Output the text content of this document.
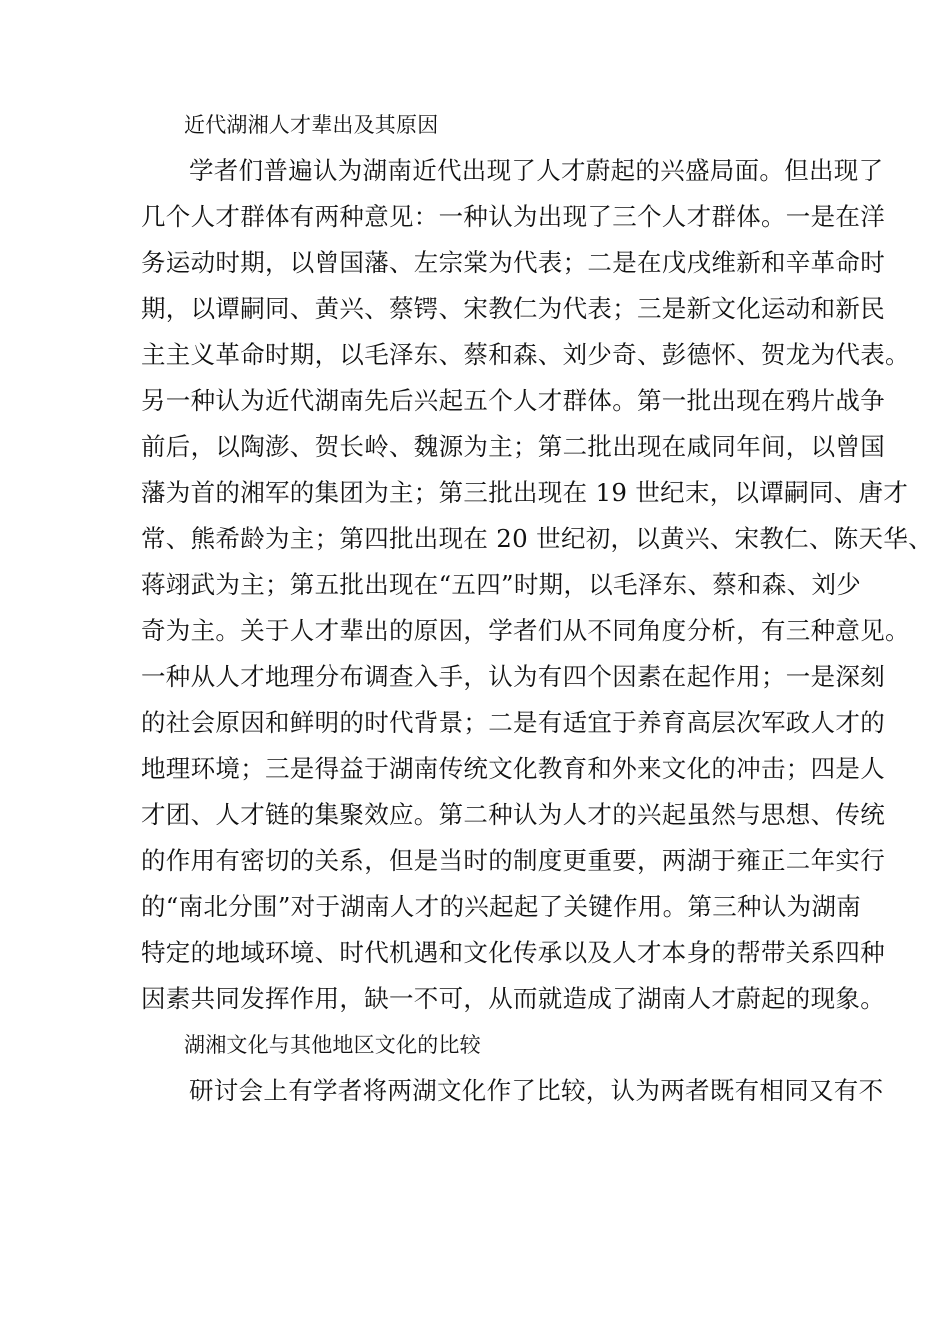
近代湖湘人才辈出及其原因
学者们普遍认为湖南近代出现了人才蔚起的兴盛局面。但出现了
几个人才群体有两种意见：一种认为出现了三个人才群体。一是在洋
务运动时期，以曾国藩、左宗棠为代表；二是在戊戌维新和辛革命时
期，以谭嗣同、黄兴、蔡锷、宋教仁为代表；三是新文化运动和新民
主主义革命时期，以毛泽东、蔡和森、刘少奇、彭德怀、贺龙为代表。
另一种认为近代湖南先后兴起五个人才群体。第一批出现在鸦片战争
前后，以陶澎、贺长岭、魏源为主；第二批出现在咸同年间，以曾国
藩为首的湘军的集团为主；第三批出现在 19 世纪末，以谭嗣同、唐才
常、熊希龄为主；第四批出现在 20 世纪初，以黄兴、宋教仁、陈天华、
蒋翊武为主；第五批出现在“五四”时期，以毛泽东、蔡和森、刘少
奇为主。关于人才辈出的原因，学者们从不同角度分析，有三种意见。
一种从人才地理分布调查入手，认为有四个因素在起作用；一是深刻
的社会原因和鲜明的时代背景；二是有适宜于养育高层次军政人才的
地理环境；三是得益于湖南传统文化教育和外来文化的冲击；四是人
才团、人才链的集聚效应。第二种认为人才的兴起虽然与思想、传统
的作用有密切的关系，但是当时的制度更重要，两湖于雍正二年实行
的“南北分围”对于湖南人才的兴起起了关键作用。第三种认为湖南
特定的地域环境、时代机遇和文化传承以及人才本身的帮带关系四种
因素共同发挥作用，缺一不可，从而就造成了湖南人才蔚起的现象。
湖湘文化与其他地区文化的比较
研讨会上有学者将两湖文化作了比较，认为两者既有相同又有不
